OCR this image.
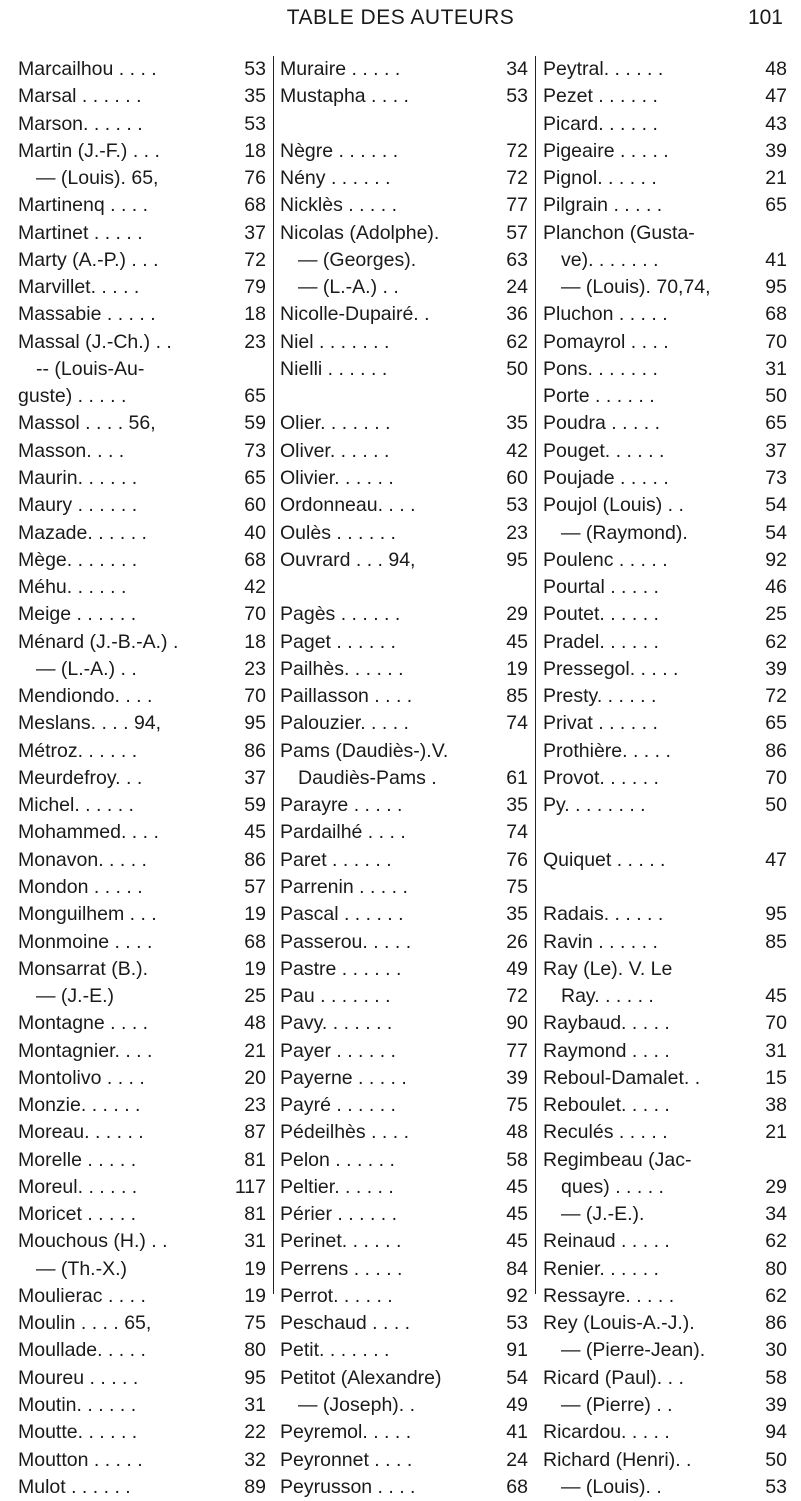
TABLE DES AUTEURS	101
Marcailhou . . . .	53
Marsal . . . . . .	35
Marson. . . . . .	53
Martin (J.-F.) . . .	18
— (Louis). 65,	76
Martinenq . . . .	68
Martinet . . . . .	37
Marty (A.-P.) . . .	72
Marvillet. . . . .	79
Massabie . . . . .	18
Massal (J.-Ch.) . .	23
-- (Louis-Au-
guste) . . . . .	65
Massol . . . . 56,	59
Masson. . . .	73
Maurin. . . . . .	65
Maury . . . . . .	60
Mazade. . . . . .	40
Mège. . . . . . .	68
Méhu. . . . . .	42
Meige . . . . . .	70
Ménard (J.-B.-A.) .	18
— (L.-A.) . .	23
Mendiondo. . . .	70
Meslans. . . . 94,	95
Métroz. . . . . .	86
Meurdefroy. . .	37
Michel. . . . . .	59
Mohammed. . . .	45
Monavon. . . . .	86
Mondon . . . . .	57
Monguilhem . . .	19
Monmoine . . . .	68
Monsarrat (B.).	19
— (J.-E.)	25
Montagne . . . .	48
Montagnier. . . .	21
Montolivo . . . .	20
Monzie. . . . . .	23
Moreau. . . . . .	87
Morelle . . . . .	81
Moreul. . . . . .	117
Moricet . . . . .	81
Mouchous (H.) . .	31
— (Th.-X.)	19
Moulierac . . . .	19
Moulin . . . . 65,	75
Moullade. . . . .	80
Moureu . . . . .	95
Moutin. . . . . .	31
Moutte. . . . . .	22
Moutton . . . . .	32
Mulot . . . . . .	89
Muraire . . . . .	34
Mustapha . . . .	53
Nègre . . . . . .	72
Nény . . . . . .	72
Nicklès . . . . .	77
Nicolas (Adolphe).	57
— (Georges).	63
— (L.-A.) . .	24
Nicolle-Dupairé. .	36
Niel . . . . . . .	62
Nielli . . . . . .	50
Olier. . . . . . .	35
Oliver. . . . . .	42
Olivier. . . . . .	60
Ordonneau. . . .	53
Oulès . . . . . .	23
Ouvrard . . . 94,	95
Pagès . . . . . .	29
Paget . . . . . .	45
Pailhès. . . . . .	19
Paillasson . . . .	85
Palouzier. . . . .	74
Pams (Daudiès-).V.
Daudiès-Pams .	61
Parayre . . . . .	35
Pardailhé . . . .	74
Paret . . . . . .	76
Parrenin . . . . .	75
Pascal . . . . . .	35
Passerou. . . . .	26
Pastre . . . . . .	49
Pau . . . . . . .	72
Pavy. . . . . . .	90
Payer . . . . . .	77
Payerne . . . . .	39
Payré . . . . . .	75
Pédeilhès . . . .	48
Pelon . . . . . .	58
Peltier. . . . . .	45
Périer . . . . . .	45
Perinet. . . . . .	45
Perrens . . . . .	84
Perrot. . . . . .	92
Peschaud . . . .	53
Petit. . . . . . .	91
Petitot (Alexandre)	54
— (Joseph). .	49
Peyremol. . . . .	41
Peyronnet . . . .	24
Peyrusson . . . .	68
Peytral. . . . . .	48
Pezet . . . . . .	47
Picard. . . . . .	43
Pigeaire . . . . .	39
Pignol. . . . . .	21
Pilgrain . . . . .	65
Planchon (Gusta-
ve). . . . . . .	41
— (Louis). 70,74,	95
Pluchon . . . . .	68
Pomayrol . . . .	70
Pons. . . . . . .	31
Porte . . . . . .	50
Poudra . . . . .	65
Pouget. . . . . .	37
Poujade . . . . .	73
Poujol (Louis) . .	54
— (Raymond).	54
Poulenc . . . . .	92
Pourtal . . . . .	46
Poutet. . . . . .	25
Pradel. . . . . .	62
Pressegol. . . . .	39
Presty. . . . . .	72
Privat . . . . . .	65
Prothière. . . . .	86
Provot. . . . . .	70
Py. . . . . . . .	50
Quiquet . . . . .	47
Radais. . . . . .	95
Ravin . . . . . .	85
Ray (Le). V. Le
Ray. . . . . .	45
Raybaud. . . . .	70
Raymond . . . .	31
Reboul-Damalet. .	15
Reboulet. . . . .	38
Reculés . . . . .	21
Regimbeau (Jac-
ques) . . . . .	29
— (J.-E.).	34
Reinaud . . . . .	62
Renier. . . . . .	80
Ressayre. . . . .	62
Rey (Louis-A.-J.).	86
— (Pierre-Jean).	30
Ricard (Paul). . .	58
— (Pierre) . .	39
Ricardou. . . . .	94
Richard (Henri). .	50
— (Louis). .	53
